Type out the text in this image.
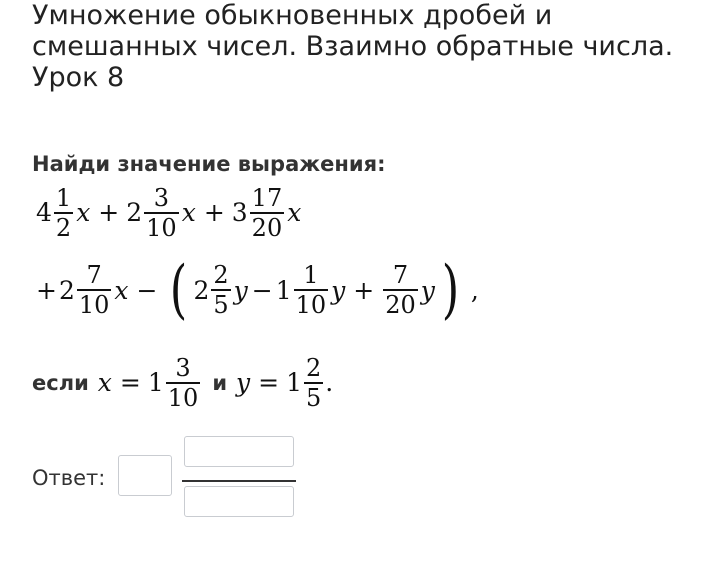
Умножение обыкновенных дробей и смешанных чисел. Взаимно обратные числа. Урок 8
Найди значение выражения:
$4 \frac{1}{2}$ $x + 2 \frac{3}{10}$ $x + 3 \frac{17}{20}$ x
+ $2 \frac{7}{10}$ x − ( $2 \frac{2}{5}$ $y - 1 \frac{1}{10}$ $y + \frac{7}{20}$ y ) ,
если $x = 1 \frac{3}{10}$ и $y = 1 \frac{2}{5}$ .
Ответ:
